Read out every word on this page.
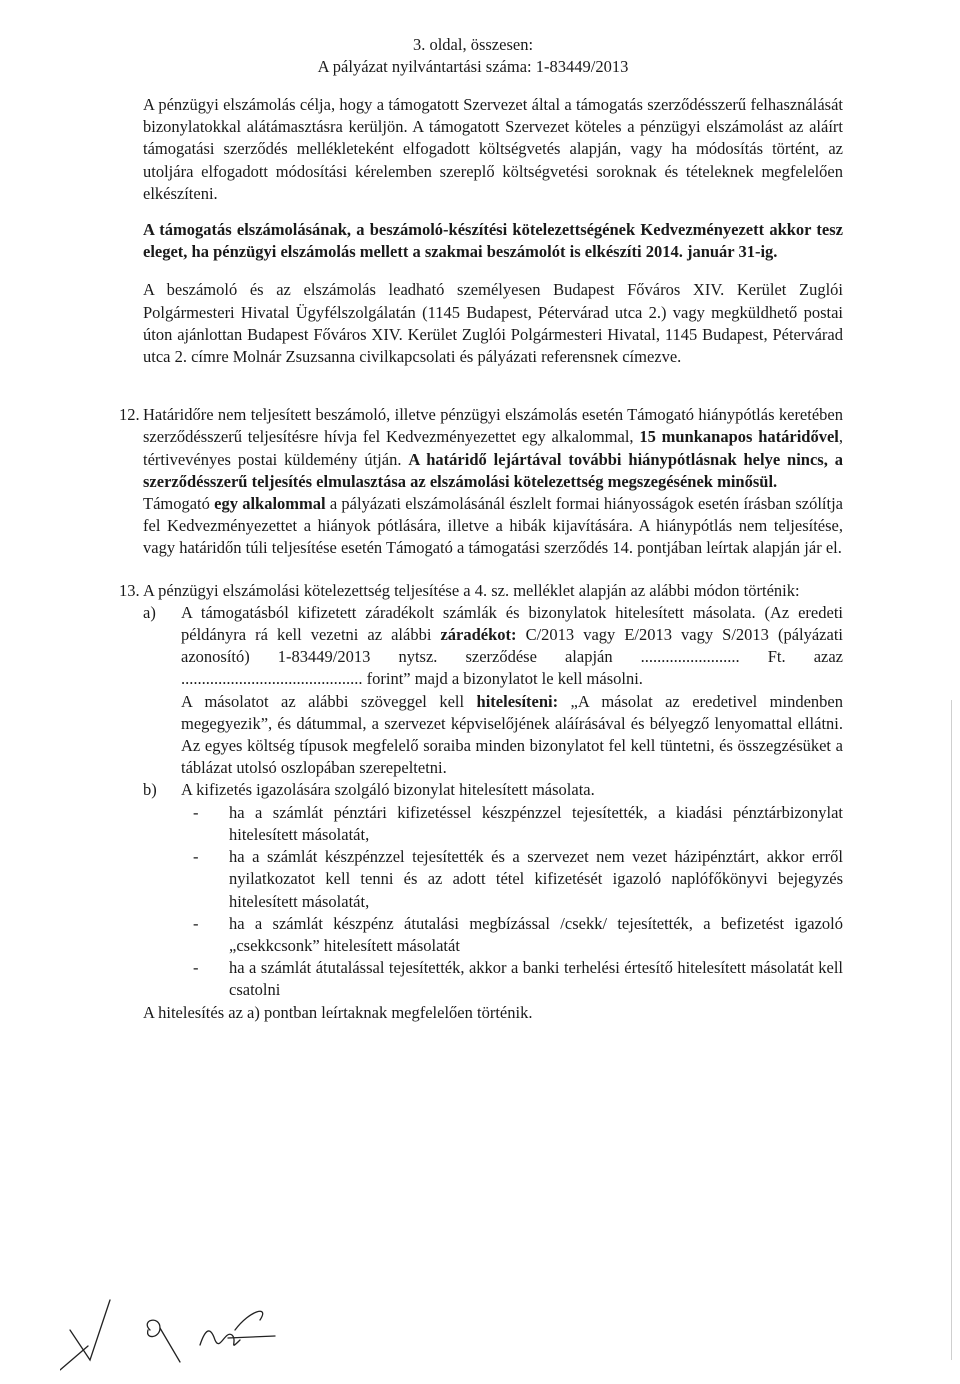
3. oldal, összesen:
A pályázat nyilvántartási száma: 1-83449/2013

A pénzügyi elszámolás célja, hogy a támogatott Szervezet által a támogatás szerződésszerű felhasználását bizonylatokkal alátámasztásra kerüljön. A támogatott Szervezet köteles a pénzügyi elszámolást az aláírt támogatási szerződés mellékleteként elfogadott költségvetés alapján, vagy ha módosítás történt, az utoljára elfogadott módosítási kérelemben szereplő költségvetési soroknak és tételeknek megfelelően elkészíteni.

A támogatás elszámolásának, a beszámoló-készítési kötelezettségének Kedvezményezett akkor tesz eleget, ha pénzügyi elszámolás mellett a szakmai beszámolót is elkészíti 2014. január 31-ig.

A beszámoló és az elszámolás leadható személyesen Budapest Főváros XIV. Kerület Zuglói Polgármesteri Hivatal Ügyfélszolgálatán (1145 Budapest, Pétervárad utca 2.) vagy megküldhető postai úton ajánlottan Budapest Főváros XIV. Kerület Zuglói Polgármesteri Hivatal, 1145 Budapest, Pétervárad utca 2. címre Molnár Zsuzsanna civilkapcsolati és pályázati referensnek címezve.

12. Határidőre nem teljesített beszámoló, illetve pénzügyi elszámolás esetén Támogató hiánypótlás keretében szerződésszerű teljesítésre hívja fel Kedvezményezettet egy alkalommal, 15 munkanapos határidővel, tértivevényes postai küldemény útján. A határidő lejártával további hiánypótlásnak helye nincs, a szerződésszerű teljesítés elmulasztása az elszámolási kötelezettség megszegésének minősül.
Támogató egy alkalommal a pályázati elszámolásánál észlelt formai hiányosságok esetén írásban szólítja fel Kedvezményezettet a hiányok pótlására, illetve a hibák kijavítására. A hiánypótlás nem teljesítése, vagy határidőn túli teljesítése esetén Támogató a támogatási szerződés 14. pontjában leírtak alapján jár el.

13. A pénzügyi elszámolási kötelezettség teljesítése a 4. sz. melléklet alapján az alábbi módon történik:

a)	A támogatásból kifizetett záradékolt számlák és bizonylatok hitelesített másolata. (Az eredeti példányra rá kell vezetni az alábbi záradékot: C/2013 vagy E/2013 vagy S/2013 (pályázati azonosító) 1-83449/2013 nytsz. szerződése alapján ........................ Ft. azaz ............................................ forint” majd a bizonylatot le kell másolni.

A másolatot az alábbi szöveggel kell hitelesíteni: „A másolat az eredetivel mindenben megegyezik”, és dátummal, a szervezet képviselőjének aláírásával és bélyegző lenyomattal ellátni. Az egyes költség típusok megfelelő soraiba minden bizonylatot fel kell tüntetni, és összegzésüket a táblázat utolsó oszlopában szerepeltetni.

b)	A kifizetés igazolására szolgáló bizonylat hitelesített másolata.

-	ha a számlát pénztári kifizetéssel készpénzzel tejesítették, a kiadási pénztárbizonylat hitelesített másolatát,
-	ha a számlát készpénzzel tejesítették és a szervezet nem vezet házipénztárt, akkor erről nyilatkozatot kell tenni és az adott tétel kifizetését igazoló naplófőkönyvi bejegyzés hitelesített másolatát,
-	ha a számlát készpénz átutalási megbízással /csekk/ tejesítették, a befizetést igazoló „csekkcsonk” hitelesített másolatát
-	ha a számlát átutalással tejesítették, akkor a banki terhelési értesítő hitelesített másolatát kell csatolni

A hitelesítés az a) pontban leírtaknak megfelelően történik.
